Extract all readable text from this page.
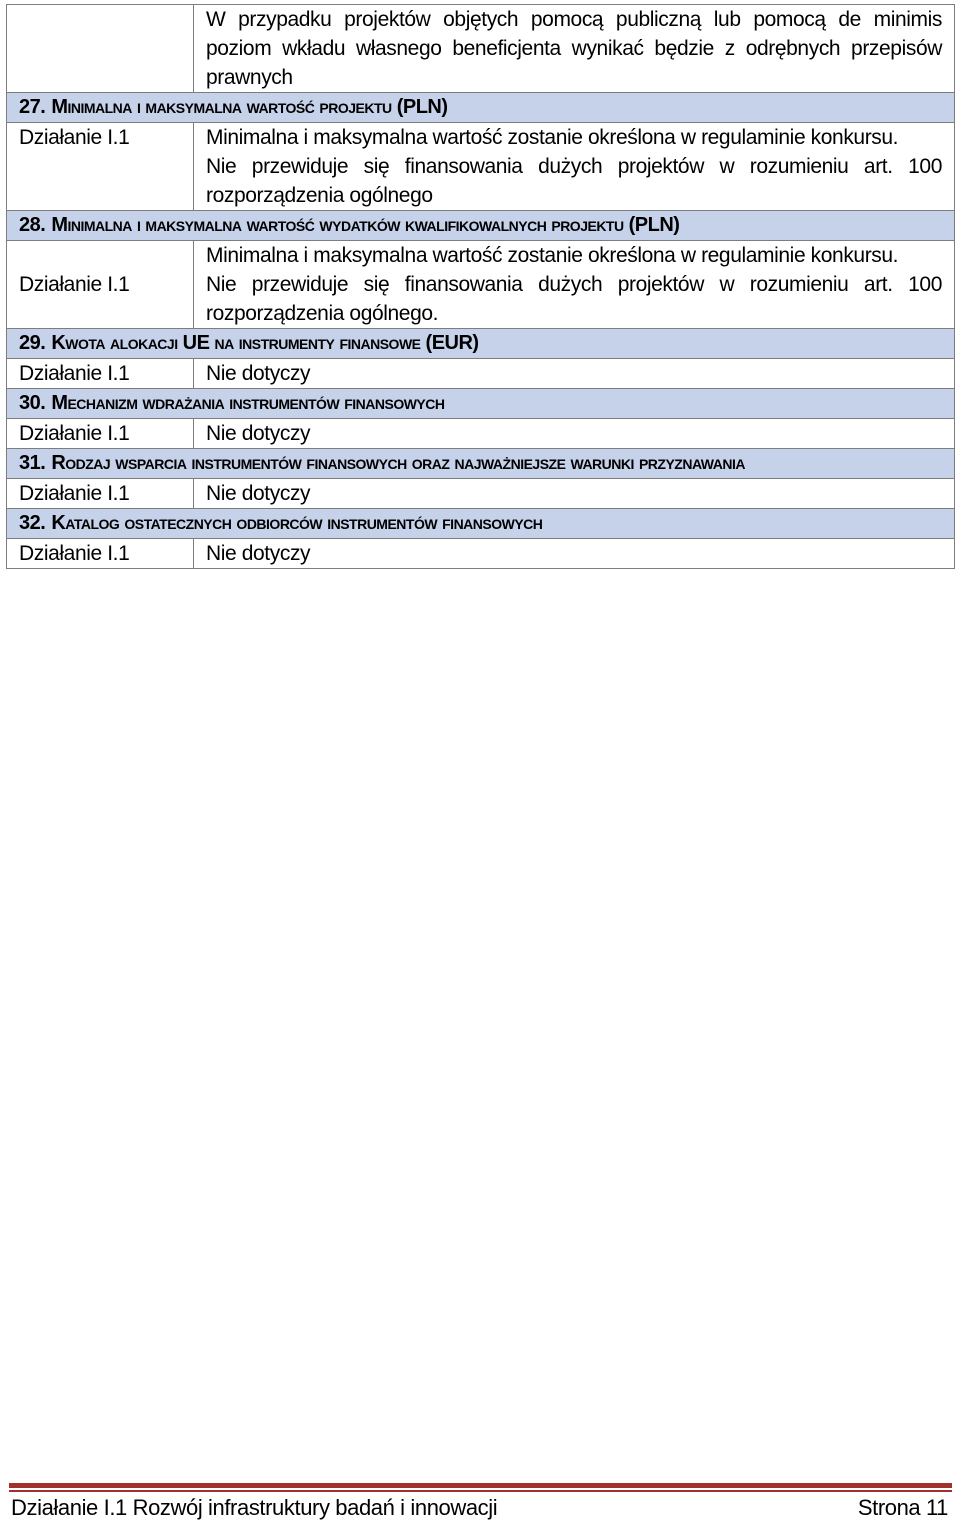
	W przypadku projektów objętych pomocą publiczną lub pomocą de minimis poziom wkładu własnego beneficjenta wynikać będzie z odrębnych przepisów prawnych
27. Minimalna i maksymalna wartość projektu (PLN)	
Działanie I.1	Minimalna i maksymalna wartość zostanie określona w regulaminie konkursu.
Nie przewiduje się finansowania dużych projektów w rozumieniu art. 100 rozporządzenia ogólnego

28. Minimalna i maksymalna wartość wydatków kwalifikowalnych projektu (PLN)	
Działanie I.1	Minimalna i maksymalna wartość zostanie określona w regulaminie konkursu.
Nie przewiduje się finansowania dużych projektów w rozumieniu art. 100 rozporządzenia ogólnego.

29. Kwota alokacji UE na instrumenty finansowe (EUR)	
Działanie I.1	Nie dotyczy
30. Mechanizm wdrażania instrumentów finansowych	
Działanie I.1	Nie dotyczy
31. Rodzaj wsparcia instrumentów finansowych oraz najważniejsze warunki przyznawania	
Działanie I.1	Nie dotyczy
32. Katalog ostatecznych odbiorców instrumentów finansowych	
Działanie I.1	Nie dotyczy
Działanie I.1 Rozwój infrastruktury badań i innowacji	Strona 11
